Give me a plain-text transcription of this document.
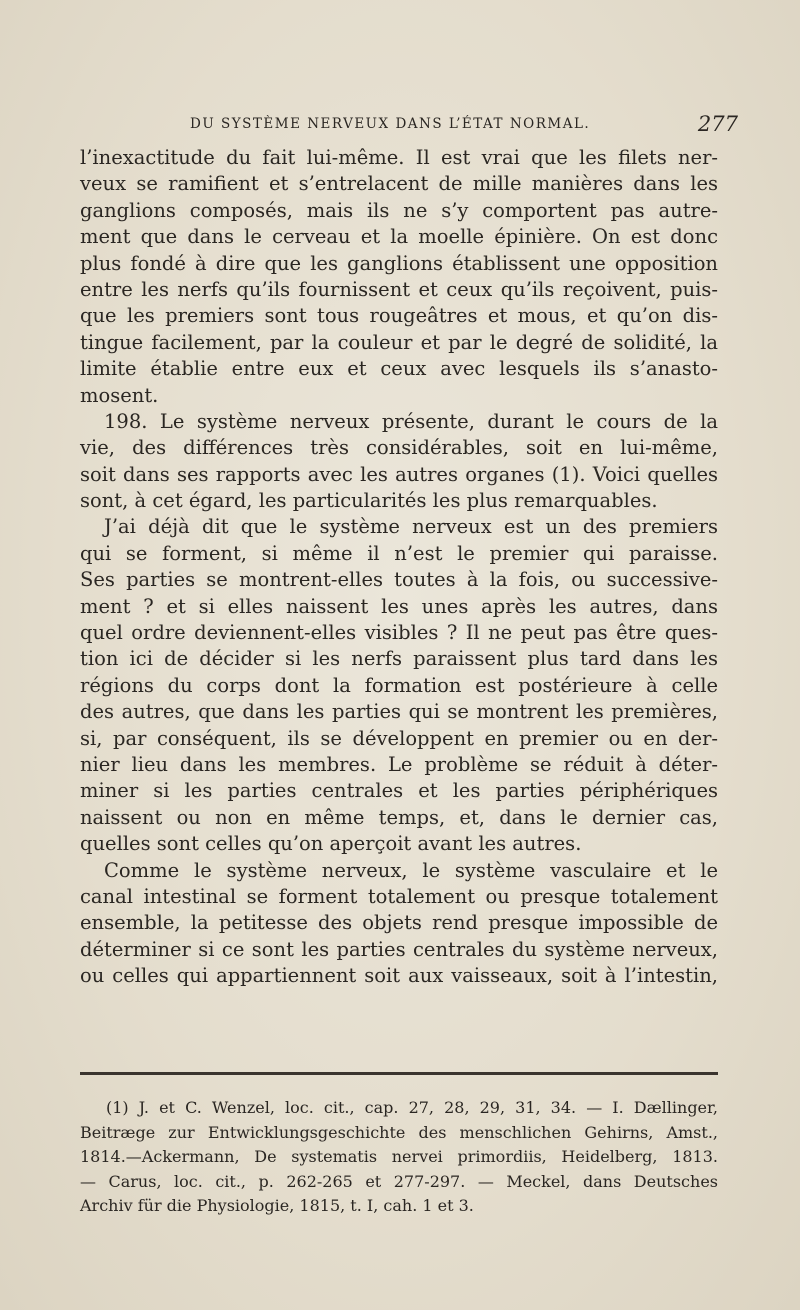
DU SYSTÈME NERVEUX DANS L’ÉTAT NORMAL.	277
l’inexactitude du fait lui-même. Il est vrai que les filets ner-
veux se ramifient et s’entrelacent de mille manières dans les
ganglions composés, mais ils ne s’y comportent pas autre-
ment que dans le cerveau et la moelle épinière. On est donc
plus fondé à dire que les ganglions établissent une opposition
entre les nerfs qu’ils fournissent et ceux qu’ils reçoivent, puis-
que les premiers sont tous rougeâtres et mous, et qu’on dis-
tingue facilement, par la couleur et par le degré de solidité, la
limite établie entre eux et ceux avec lesquels ils s’anasto-
mosent.
198. Le système nerveux présente, durant le cours de la
vie, des différences très considérables, soit en lui-même,
soit dans ses rapports avec les autres organes (1). Voici quelles
sont, à cet égard, les particularités les plus remarquables.
J’ai déjà dit que le système nerveux est un des premiers
qui se forment, si même il n’est le premier qui paraisse.
Ses parties se montrent-elles toutes à la fois, ou successive-
ment ? et si elles naissent les unes après les autres, dans
quel ordre deviennent-elles visibles ? Il ne peut pas être ques-
tion ici de décider si les nerfs paraissent plus tard dans les
régions du corps dont la formation est postérieure à celle
des autres, que dans les parties qui se montrent les premières,
si, par conséquent, ils se développent en premier ou en der-
nier lieu dans les membres. Le problème se réduit à déter-
miner si les parties centrales et les parties périphériques
naissent ou non en même temps, et, dans le dernier cas,
quelles sont celles qu’on aperçoit avant les autres.
Comme le système nerveux, le système vasculaire et le
canal intestinal se forment totalement ou presque totalement
ensemble, la petitesse des objets rend presque impossible de
déterminer si ce sont les parties centrales du système nerveux,
ou celles qui appartiennent soit aux vaisseaux, soit à l’intestin,
(1) J. et C. Wenzel, loc. cit., cap. 27, 28, 29, 31, 34. — I. Dællinger,
Beitræge zur Entwicklungsgeschichte des menschlichen Gehirns, Amst.,
1814.—Ackermann, De systematis nervei primordiis, Heidelberg, 1813.
— Carus, loc. cit., p. 262-265 et 277-297. — Meckel, dans Deutsches
Archiv für die Physiologie, 1815, t. I, cah. 1 et 3.
